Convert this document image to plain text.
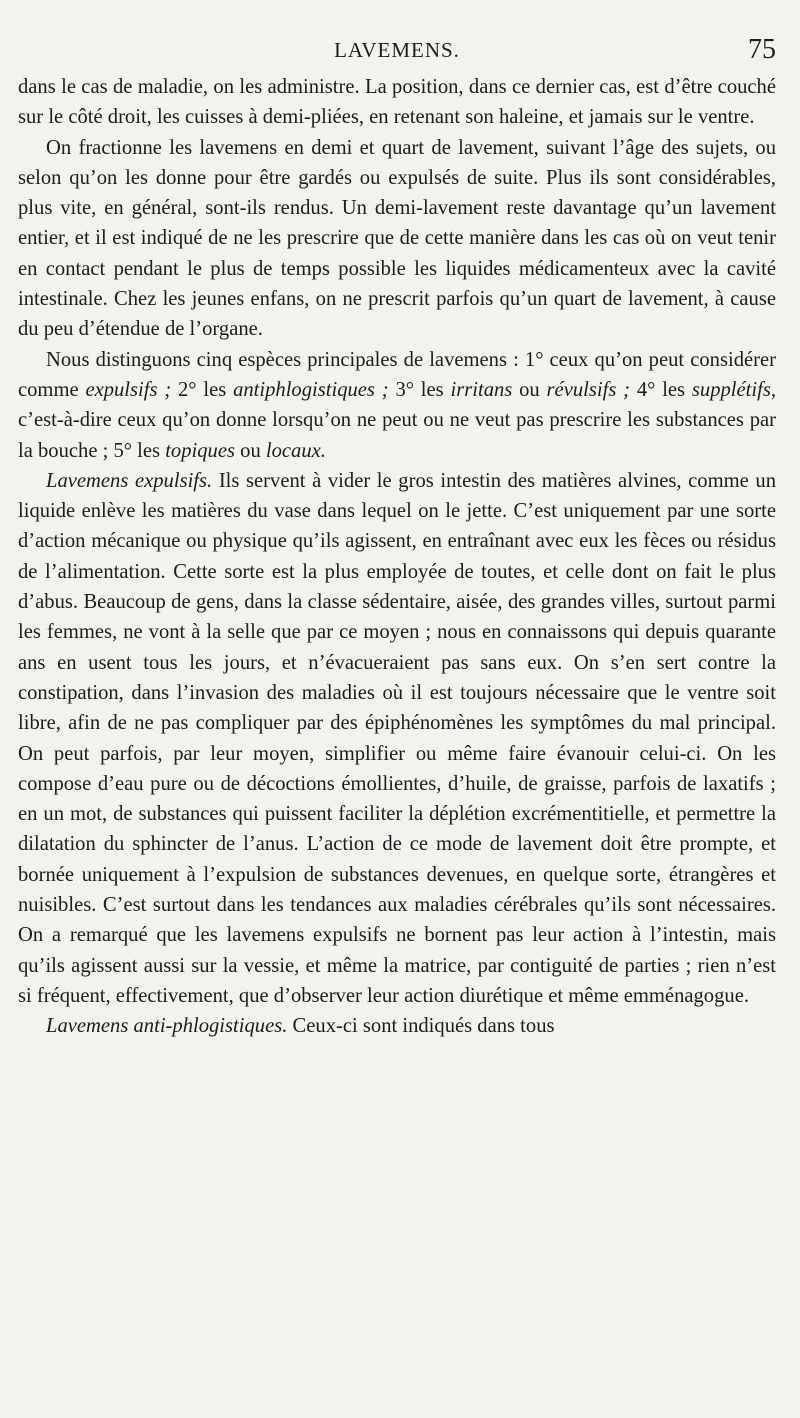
LAVEMENS.	75

dans le cas de maladie, on les administre. La position, dans ce dernier cas, est d’être couché sur le côté droit, les cuisses à demi-pliées, en retenant son haleine, et jamais sur le ventre.

On fractionne les lavemens en demi et quart de lavement, suivant l’âge des sujets, ou selon qu’on les donne pour être gardés ou expulsés de suite. Plus ils sont considérables, plus vite, en général, sont-ils rendus. Un demi-lavement reste davantage qu’un lavement entier, et il est indiqué de ne les prescrire que de cette manière dans les cas où on veut tenir en contact pendant le plus de temps possible les liquides médicamenteux avec la cavité intestinale. Chez les jeunes enfans, on ne prescrit parfois qu’un quart de lavement, à cause du peu d’étendue de l’organe.

Nous distinguons cinq espèces principales de lavemens : 1° ceux qu’on peut considérer comme expulsifs ; 2° les antiphlogistiques ; 3° les irritans ou révulsifs ; 4° les supplétifs, c’est-à-dire ceux qu’on donne lorsqu’on ne peut ou ne veut pas prescrire les substances par la bouche ; 5° les topiques ou locaux.

Lavemens expulsifs. Ils servent à vider le gros intestin des matières alvines, comme un liquide enlève les matières du vase dans lequel on le jette. C’est uniquement par une sorte d’action mécanique ou physique qu’ils agissent, en entraînant avec eux les fèces ou résidus de l’alimentation. Cette sorte est la plus employée de toutes, et celle dont on fait le plus d’abus. Beaucoup de gens, dans la classe sédentaire, aisée, des grandes villes, surtout parmi les femmes, ne vont à la selle que par ce moyen ; nous en connaissons qui depuis quarante ans en usent tous les jours, et n’évacueraient pas sans eux. On s’en sert contre la constipation, dans l’invasion des maladies où il est toujours nécessaire que le ventre soit libre, afin de ne pas compliquer par des épiphénomènes les symptômes du mal principal. On peut parfois, par leur moyen, simplifier ou même faire évanouir celui-ci. On les compose d’eau pure ou de décoctions émollientes, d’huile, de graisse, parfois de laxatifs ; en un mot, de substances qui puissent faciliter la déplétion excrémentitielle, et permettre la dilatation du sphincter de l’anus. L’action de ce mode de lavement doit être prompte, et bornée uniquement à l’expulsion de substances devenues, en quelque sorte, étrangères et nuisibles. C’est surtout dans les tendances aux maladies cérébrales qu’ils sont nécessaires. On a remarqué que les lavemens expulsifs ne bornent pas leur action à l’intestin, mais qu’ils agissent aussi sur la vessie, et même la matrice, par contiguité de parties ; rien n’est si fréquent, effectivement, que d’observer leur action diurétique et même emménagogue.

Lavemens anti-phlogistiques. Ceux-ci sont indiqués dans tous
